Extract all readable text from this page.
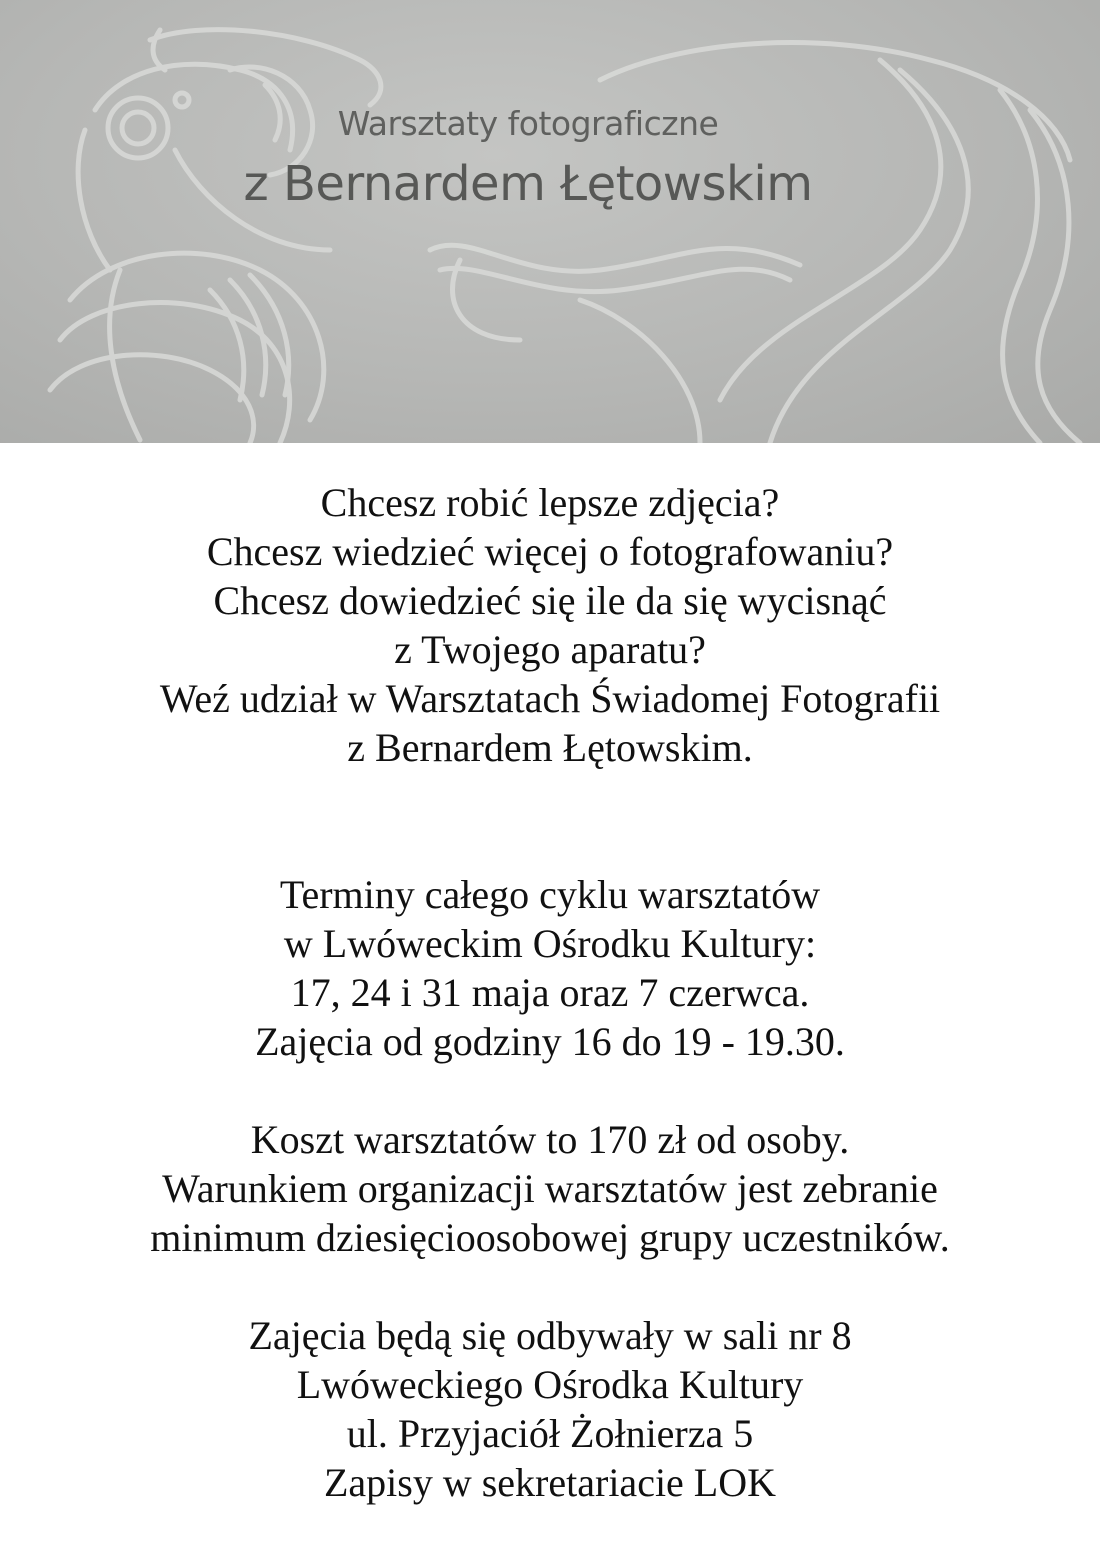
Warsztaty fotograficzne
z Bernardem Łętowskim
Chcesz robić lepsze zdjęcia?
Chcesz wiedzieć więcej o fotografowaniu?
Chcesz dowiedzieć się ile da się wycisnąć
z Twojego aparatu?
Weź udział w Warsztatach Świadomej Fotografii
z Bernardem Łętowskim.
Terminy całego cyklu warsztatów
w Lwóweckim Ośrodku Kultury:
17, 24 i 31 maja oraz 7 czerwca.
Zajęcia od godziny 16 do 19 - 19.30.
Koszt warsztatów to 170 zł od osoby.
Warunkiem organizacji warsztatów jest zebranie
minimum dziesięcioosobowej grupy uczestników.
Zajęcia będą się odbywały w sali nr 8
Lwóweckiego Ośrodka Kultury
ul. Przyjaciół Żołnierza 5
Zapisy w sekretariacie LOK
